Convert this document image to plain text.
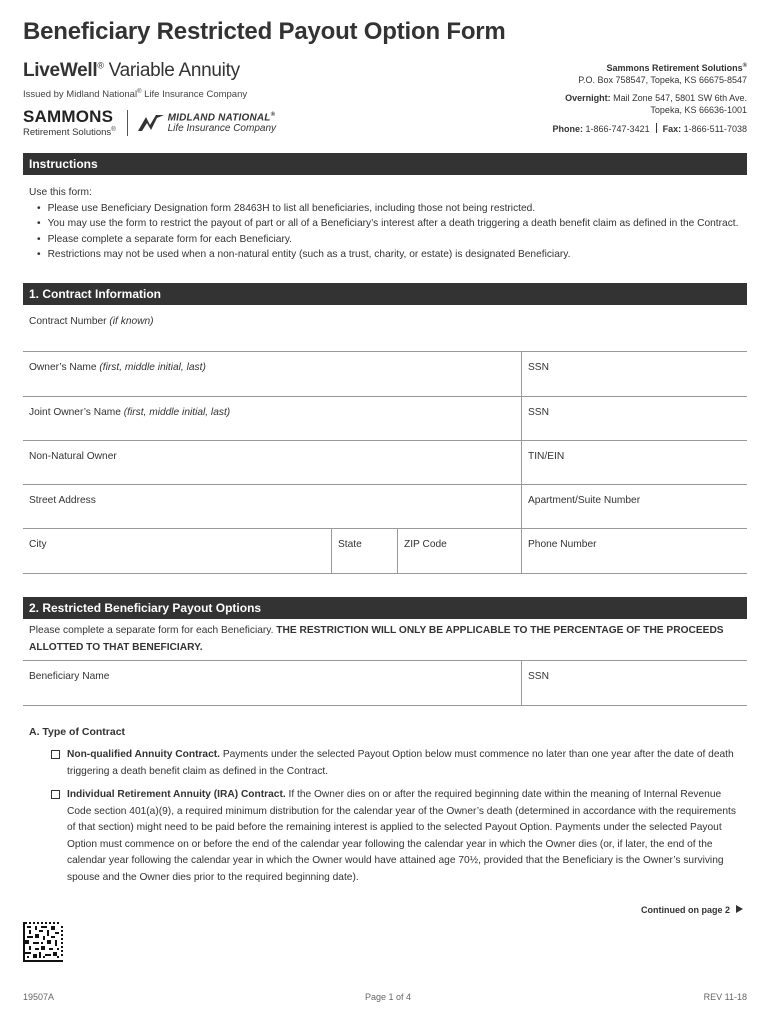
Beneficiary Restricted Payout Option Form
LiveWell® Variable Annuity
Issued by Midland National® Life Insurance Company
SAMMONS
Retirement Solutions®
MIDLAND NATIONAL®
Life Insurance Company
Sammons Retirement Solutions®
P.O. Box 758547, Topeka, KS 66675-8547
Overnight: Mail Zone 547, 5801 SW 6th Ave.
Topeka, KS 66636-1001
Phone: 1-866-747-3421 Fax: 1-866-511-7038
Instructions
Use this form:
• Please use Beneficiary Designation form 28463H to list all beneficiaries, including those not being restricted.
• You may use the form to restrict the payout of part or all of a Beneficiary’s interest after a death triggering a death benefit claim as defined in the Contract.
• Please complete a separate form for each Beneficiary.
• Restrictions may not be used when a non-natural entity (such as a trust, charity, or estate) is designated Beneficiary.
1. Contract Information
Contract Number (if known)
Owner’s Name (first, middle initial, last)	SSN
Joint Owner’s Name (first, middle initial, last)	SSN
Non-Natural Owner	TIN/EIN
Street Address	Apartment/Suite Number
City	State	ZIP Code	Phone Number
2. Restricted Beneficiary Payout Options
Please complete a separate form for each Beneficiary. THE RESTRICTION WILL ONLY BE APPLICABLE TO THE PERCENTAGE OF THE PROCEEDS ALLOTTED TO THAT BENEFICIARY.
Beneficiary Name	SSN
A. Type of Contract
Non-qualified Annuity Contract. Payments under the selected Payout Option below must commence no later than one year after the date of death triggering a death benefit claim as defined in the Contract.
Individual Retirement Annuity (IRA) Contract. If the Owner dies on or after the required beginning date within the meaning of Internal Revenue Code section 401(a)(9), a required minimum distribution for the calendar year of the Owner’s death (determined in accordance with the requirements of that section) might need to be paid before the remaining interest is applied to the selected Payout Option. Payments under the selected Payout Option must commence on or before the end of the calendar year following the calendar year in which the Owner dies (or, if later, the end of the calendar year following the calendar year in which the Owner would have attained age 70½, provided that the Beneficiary is the Owner’s surviving spouse and the Owner dies prior to the required beginning date).
Continued on page 2
19507A	Page 1 of 4	REV 11-18
